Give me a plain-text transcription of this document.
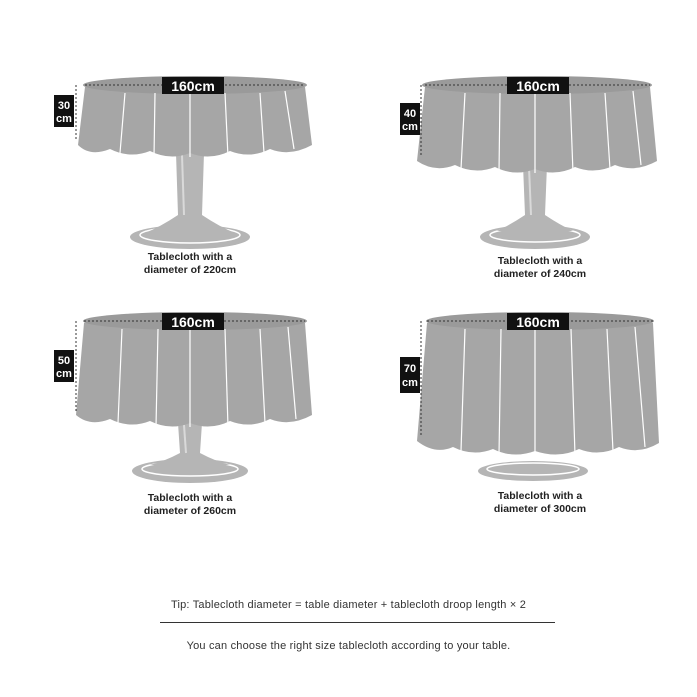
160cm
30
cm
Tablecloth with a
diameter of 220cm
160cm
40
cm
Tablecloth with a
diameter of 240cm
160cm
50
cm
Tablecloth with a
diameter of 260cm
160cm
70
cm
Tablecloth with a
diameter of 300cm
Tip: Tablecloth diameter = table diameter + tablecloth droop length × 2
You can choose the right size tablecloth according to your table.
